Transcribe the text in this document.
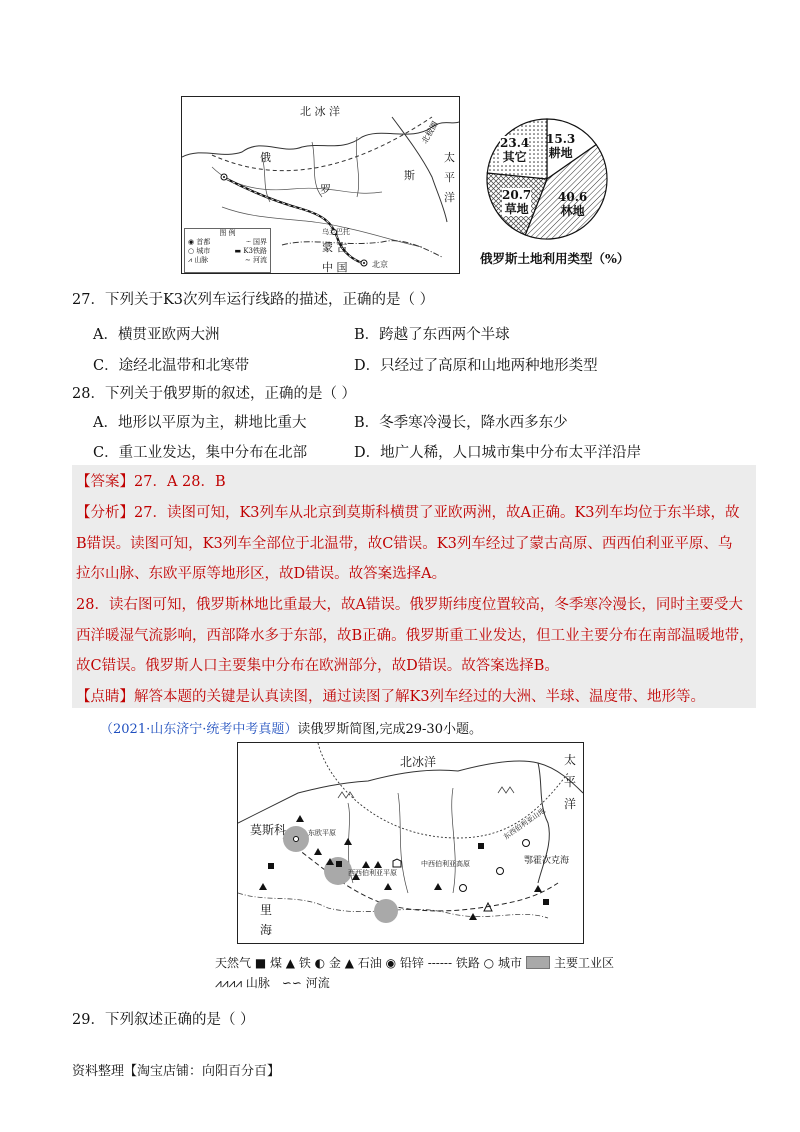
北 冰 洋
俄
罗
斯
乌兰巴托
蒙 古
中 国	北京
北极圈
太
平
洋
图 例
◉ 首都	┄ 国界
○ 城市	▬ K3铁路
⩘ 山脉	∼ 河流
15.3
耕地
40.6
林地
20.7
草地
23.4
其它
俄罗斯土地利用类型（%）
27．下列关于K3次列车运行线路的描述，正确的是（ ）
A．横贯亚欧两大洲	B．跨越了东西两个半球
C．途经北温带和北寒带	D．只经过了高原和山地两种地形类型
28．下列关于俄罗斯的叙述，正确的是（ ）
A．地形以平原为主，耕地比重大	B．冬季寒冷漫长，降水西多东少
C．重工业发达，集中分布在北部	D．地广人稀，人口城市集中分布太平洋沿岸
【答案】27．A 28．B
【分析】27．读图可知，K3列车从北京到莫斯科横贯了亚欧两洲，故A正确。K3列车均位于东半球，故
B错误。读图可知，K3列车全部位于北温带，故C错误。K3列车经过了蒙古高原、西西伯利亚平原、乌
拉尔山脉、东欧平原等地形区，故D错误。故答案选择A。
28．读右图可知，俄罗斯林地比重最大，故A错误。俄罗斯纬度位置较高，冬季寒冷漫长，同时主要受大
西洋暖湿气流影响，西部降水多于东部，故B正确。俄罗斯重工业发达，但工业主要分布在南部温暖地带，
故C错误。俄罗斯人口主要集中分布在欧洲部分，故D错误。故答案选择B。
【点睛】解答本题的关键是认真读图，通过读图了解K3列车经过的大洲、半球、温度带、地形等。
（2021·山东济宁·统考中考真题）读俄罗斯简图,完成29-30小题。
北冰洋	太
平
洋
莫斯科
里
海
鄂霍次克海
东欧平原
西西伯利亚平原
中西伯利亚高原
东西伯利亚山地
天然气 ■ 煤 ▲ 铁 ◐ 金 ▲ 石油 ◉ 铅锌 ------ 铁路 ○ 城市	主要工业区
⩘⩘⩘⩘ 山脉 ∽∽ 河流
29．下列叙述正确的是（ ）
资料整理【淘宝店铺：向阳百分百】
